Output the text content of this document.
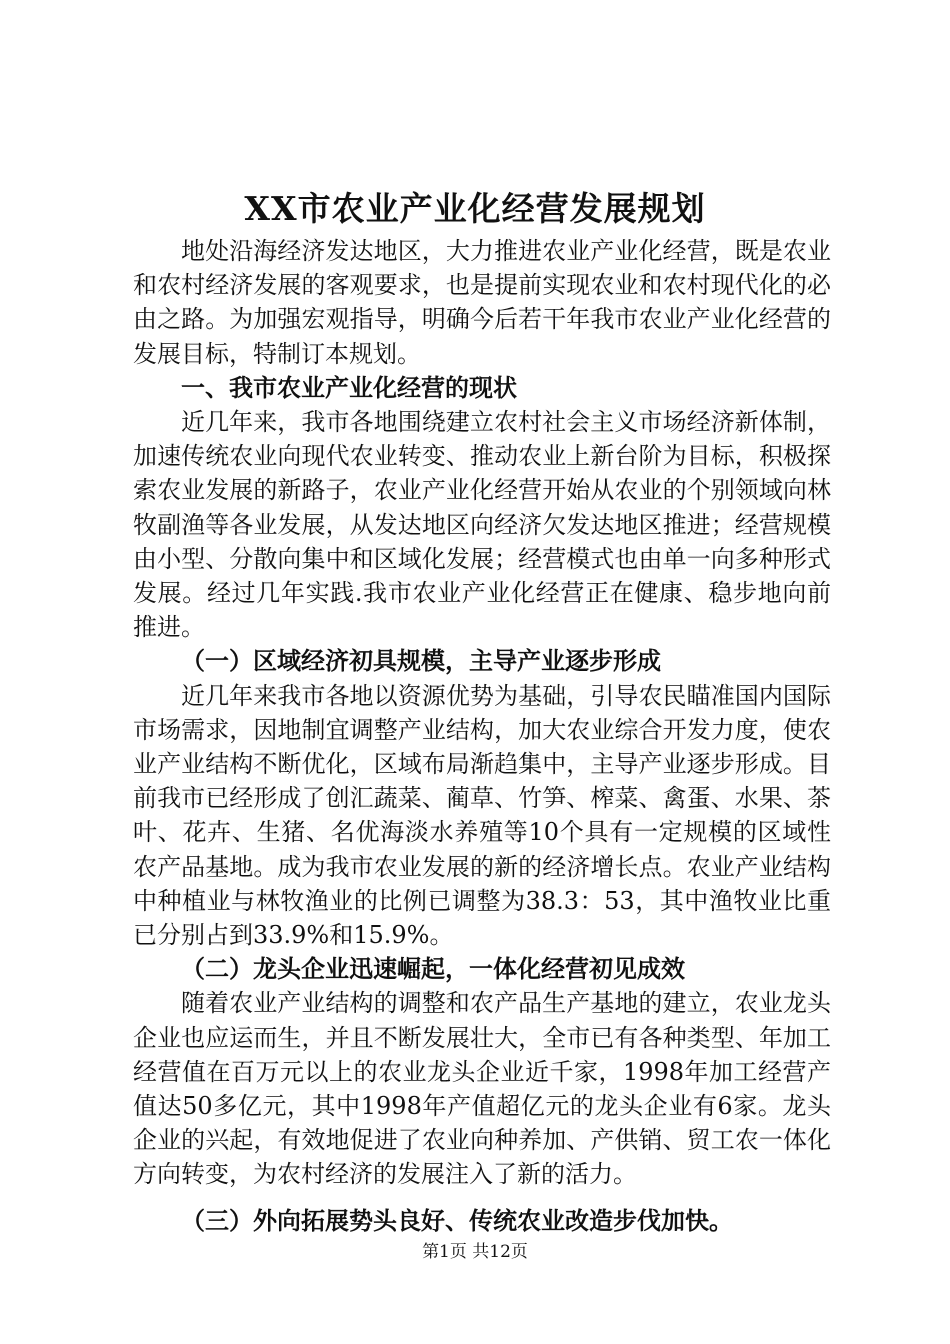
XX市农业产业化经营发展规划

地处沿海经济发达地区，大力推进农业产业化经营，既是农业和农村经济发展的客观要求，也是提前实现农业和农村现代化的必由之路。为加强宏观指导，明确今后若干年我市农业产业化经营的发展目标，特制订本规划。

一、我市农业产业化经营的现状

近几年来，我市各地围绕建立农村社会主义市场经济新体制，加速传统农业向现代农业转变、推动农业上新台阶为目标，积极探索农业发展的新路子，农业产业化经营开始从农业的个别领域向林牧副渔等各业发展，从发达地区向经济欠发达地区推进；经营规模由小型、分散向集中和区域化发展；经营模式也由单一向多种形式发展。经过几年实践.我市农业产业化经营正在健康、稳步地向前推进。

（一）区域经济初具规模，主导产业逐步形成

近几年来我市各地以资源优势为基础，引导农民瞄准国内国际市场需求，因地制宜调整产业结构，加大农业综合开发力度，使农业产业结构不断优化，区域布局渐趋集中，主导产业逐步形成。目前我市已经形成了创汇蔬菜、蔺草、竹笋、榨菜、禽蛋、水果、茶叶、花卉、生猪、名优海淡水养殖等10个具有一定规模的区域性农产品基地。成为我市农业发展的新的经济增长点。农业产业结构中种植业与林牧渔业的比例已调整为38.3：53，其中渔牧业比重已分别占到33.9%和15.9%。

（二）龙头企业迅速崛起，一体化经营初见成效

随着农业产业结构的调整和农产品生产基地的建立，农业龙头企业也应运而生，并且不断发展壮大，全市已有各种类型、年加工经营值在百万元以上的农业龙头企业近千家，1998年加工经营产值达50多亿元，其中1998年产值超亿元的龙头企业有6家。龙头企业的兴起，有效地促进了农业向种养加、产供销、贸工农一体化方向转变，为农村经济的发展注入了新的活力。

（三）外向拓展势头良好、传统农业改造步伐加快。

第1页 共12页
